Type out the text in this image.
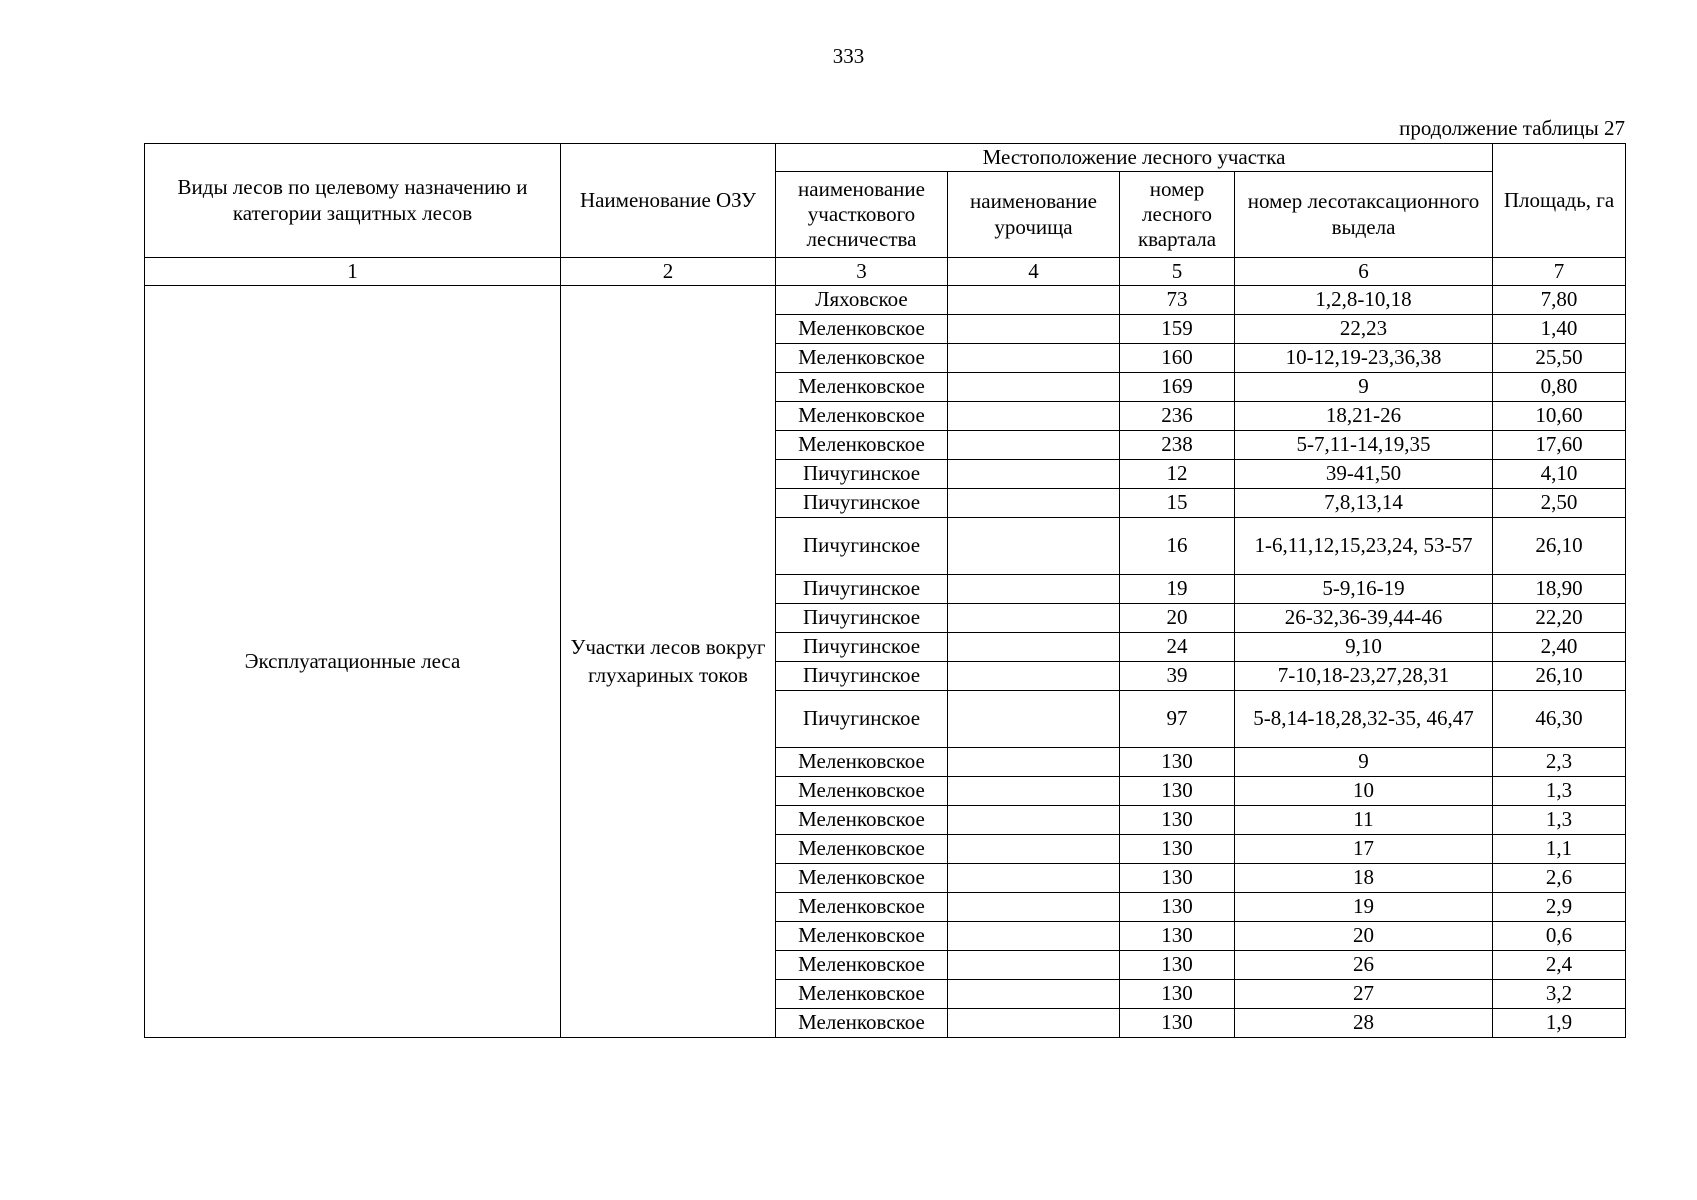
333
продолжение таблицы 27
Виды лесов по целевому назначению и категории защитных лесов	Наименование ОЗУ	Местоположение лесного участка				Площадь, га
		наименование участкового лесничества	наименование урочища	номер лесного квартала	номер лесотаксационного выдела	
1	2	3	4	5	6	7
Эксплуатационные леса	Участки лесов вокруг глухариных токов	Ляховское		73	1,2,8-10,18	7,80
		Меленковское		159	22,23	1,40
		Меленковское		160	10-12,19-23,36,38	25,50
		Меленковское		169	9	0,80
		Меленковское		236	18,21-26	10,60
		Меленковское		238	5-7,11-14,19,35	17,60
		Пичугинское		12	39-41,50	4,10
		Пичугинское		15	7,8,13,14	2,50
		Пичугинское		16	1-6,11,12,15,23,24, 53-57	26,10
		Пичугинское		19	5-9,16-19	18,90
		Пичугинское		20	26-32,36-39,44-46	22,20
		Пичугинское		24	9,10	2,40
		Пичугинское		39	7-10,18-23,27,28,31	26,10
		Пичугинское		97	5-8,14-18,28,32-35, 46,47	46,30
		Меленковское		130	9	2,3
		Меленковское		130	10	1,3
		Меленковское		130	11	1,3
		Меленковское		130	17	1,1
		Меленковское		130	18	2,6
		Меленковское		130	19	2,9
		Меленковское		130	20	0,6
		Меленковское		130	26	2,4
		Меленковское		130	27	3,2
		Меленковское		130	28	1,9
